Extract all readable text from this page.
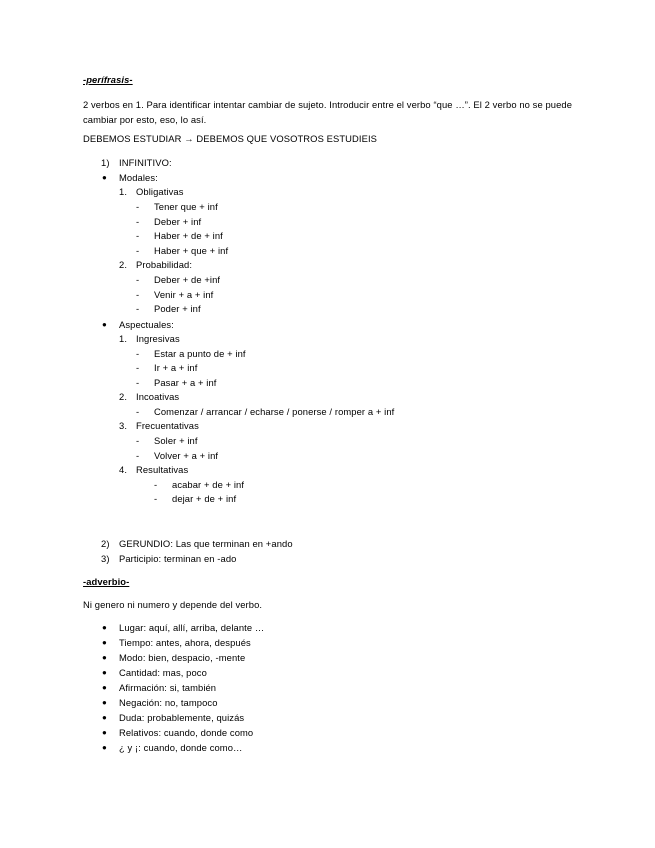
-perífrasis-
2 verbos en 1. Para identificar intentar cambiar de sujeto. Introducir entre el verbo “que …”. El 2 verbo no se puede cambiar por esto, eso, lo así.
DEBEMOS ESTUDIAR → DEBEMOS QUE VOSOTROS ESTUDIEIS
1) INFINITIVO:
● Modales:
1. Obligativas
- Tener que + inf
- Deber + inf
- Haber + de + inf
- Haber + que + inf
2. Probabilidad:
- Deber + de +inf
- Venir + a + inf
- Poder + inf
● Aspectuales:
1. Ingresivas
- Estar a punto de + inf
- Ir + a + inf
- Pasar + a + inf
2. Incoativas
- Comenzar / arrancar / echarse / ponerse / romper a + inf
3. Frecuentativas
- Soler + inf
- Volver + a + inf
4. Resultativas
- acabar + de + inf
- dejar + de + inf
2) GERUNDIO: Las que terminan en +ando
3) Participio: terminan en -ado
-adverbio-
Ni genero ni numero y depende del verbo.
● Lugar: aquí, allí, arriba, delante …
● Tiempo: antes, ahora, después
● Modo: bien, despacio, -mente
● Cantidad: mas, poco
● Afirmación: si, también
● Negación: no, tampoco
● Duda: probablemente, quizás
● Relativos: cuando, donde como
● ¿ y ¡: cuando, donde como…
